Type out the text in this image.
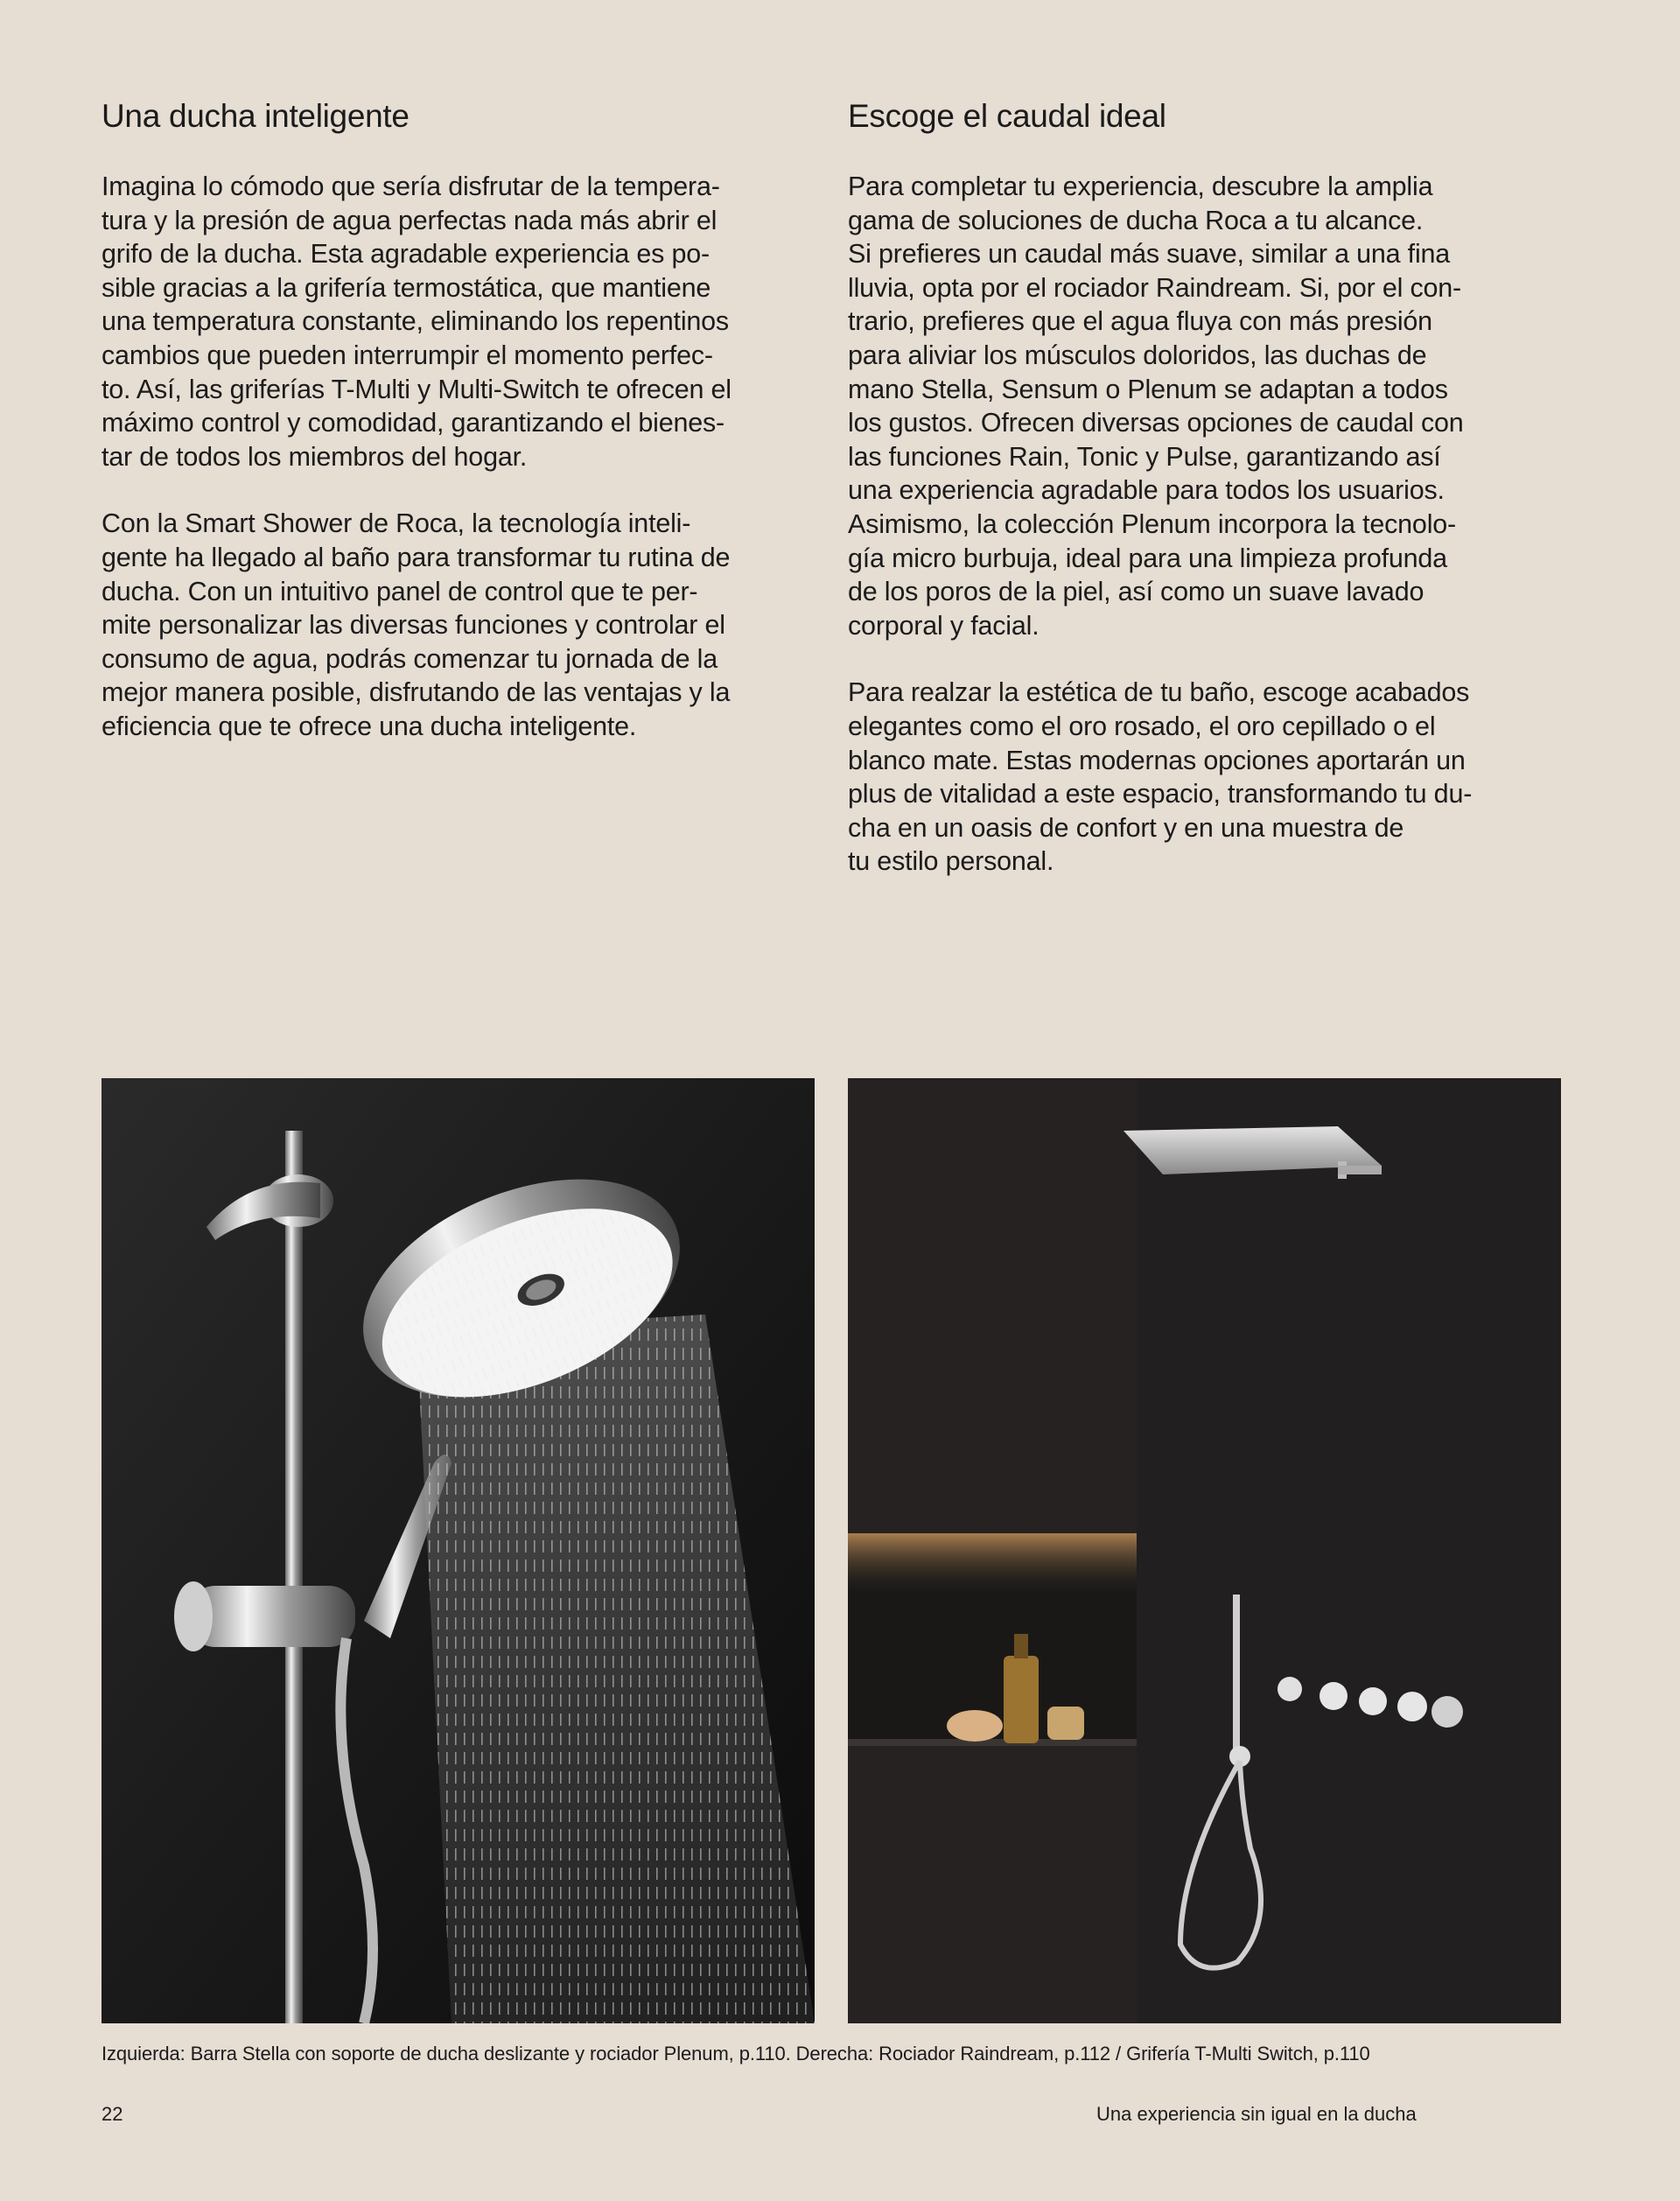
Una ducha inteligente

Imagina lo cómodo que sería disfrutar de la tempera-
tura y la presión de agua perfectas nada más abrir el
grifo de la ducha. Esta agradable experiencia es po-
sible gracias a la grifería termostática, que mantiene
una temperatura constante, eliminando los repentinos
cambios que pueden interrumpir el momento perfec-
to. Así, las griferías T-Multi y Multi-Switch te ofrecen el
máximo control y comodidad, garantizando el bienes-
tar de todos los miembros del hogar.

Con la Smart Shower de Roca, la tecnología inteli-
gente ha llegado al baño para transformar tu rutina de
ducha. Con un intuitivo panel de control que te per-
mite personalizar las diversas funciones y controlar el
consumo de agua, podrás comenzar tu jornada de la
mejor manera posible, disfrutando de las ventajas y la
eficiencia que te ofrece una ducha inteligente.

Escoge el caudal ideal

Para completar tu experiencia, descubre la amplia
gama de soluciones de ducha Roca a tu alcance.
Si prefieres un caudal más suave, similar a una fina
lluvia, opta por el rociador Raindream. Si, por el con-
trario, prefieres que el agua fluya con más presión
para aliviar los músculos doloridos, las duchas de
mano Stella, Sensum o Plenum se adaptan a todos
los gustos. Ofrecen diversas opciones de caudal con
las funciones Rain, Tonic y Pulse, garantizando así
una experiencia agradable para todos los usuarios.
Asimismo, la colección Plenum incorpora la tecnolo-
gía micro burbuja, ideal para una limpieza profunda
de los poros de la piel, así como un suave lavado
corporal y facial.

Para realzar la estética de tu baño, escoge acabados
elegantes como el oro rosado, el oro cepillado o el
blanco mate. Estas modernas opciones aportarán un
plus de vitalidad a este espacio, transformando tu du-
cha en un oasis de confort y en una muestra de
tu estilo personal.

Izquierda: Barra Stella con soporte de ducha deslizante y rociador Plenum, p.110. Derecha: Rociador Raindream, p.112 / Grifería T-Multi Switch, p.110
22	Una experiencia sin igual en la ducha
